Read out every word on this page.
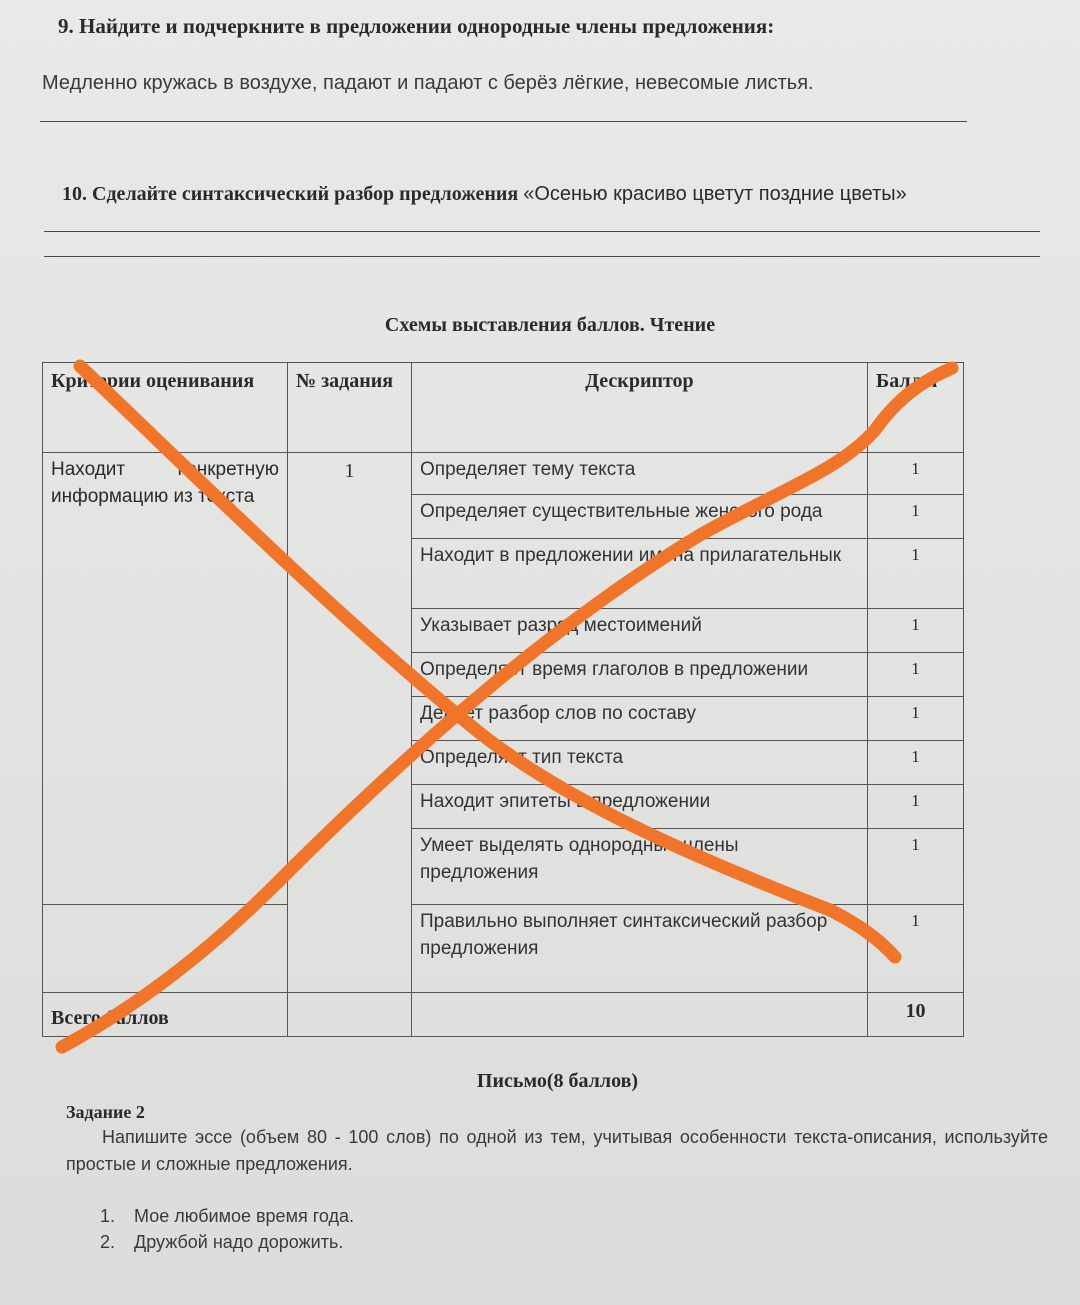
9. Найдите и подчеркните в предложении однородные члены предложения:
Медленно кружась в воздухе, падают и падают с берёз лёгкие, невесомые листья.
10. Сделайте синтаксический разбор предложения «Осенью красиво цветут поздние цветы»
Схемы выставления баллов. Чтение
Критерии оценивания	№ задания	Дескриптор	Баллы
Находит конкретную информацию из текста	1	Определяет тему текста	1
		Определяет существительные женского рода	1
		Находит в предложении имена прилагательнык	1
		Указывает разряд местоимений	1
		Определяет время глаголов в предложении	1
		Делает разбор слов по составу	1
		Определяет тип текста	1
		Находит эпитеты в предложении	1
		Умеет выделять однородные члены предложения	1
		Правильно выполняет синтаксический разбор предложения	1
Всего баллов			10
Письмо(8 баллов)
Задание 2
Напишите эссе (объем 80 - 100 слов) по одной из тем, учитывая особенности текста-описания, используйте простые и сложные предложения.
1. Мое любимое время года.
2. Дружбой надо дорожить.
